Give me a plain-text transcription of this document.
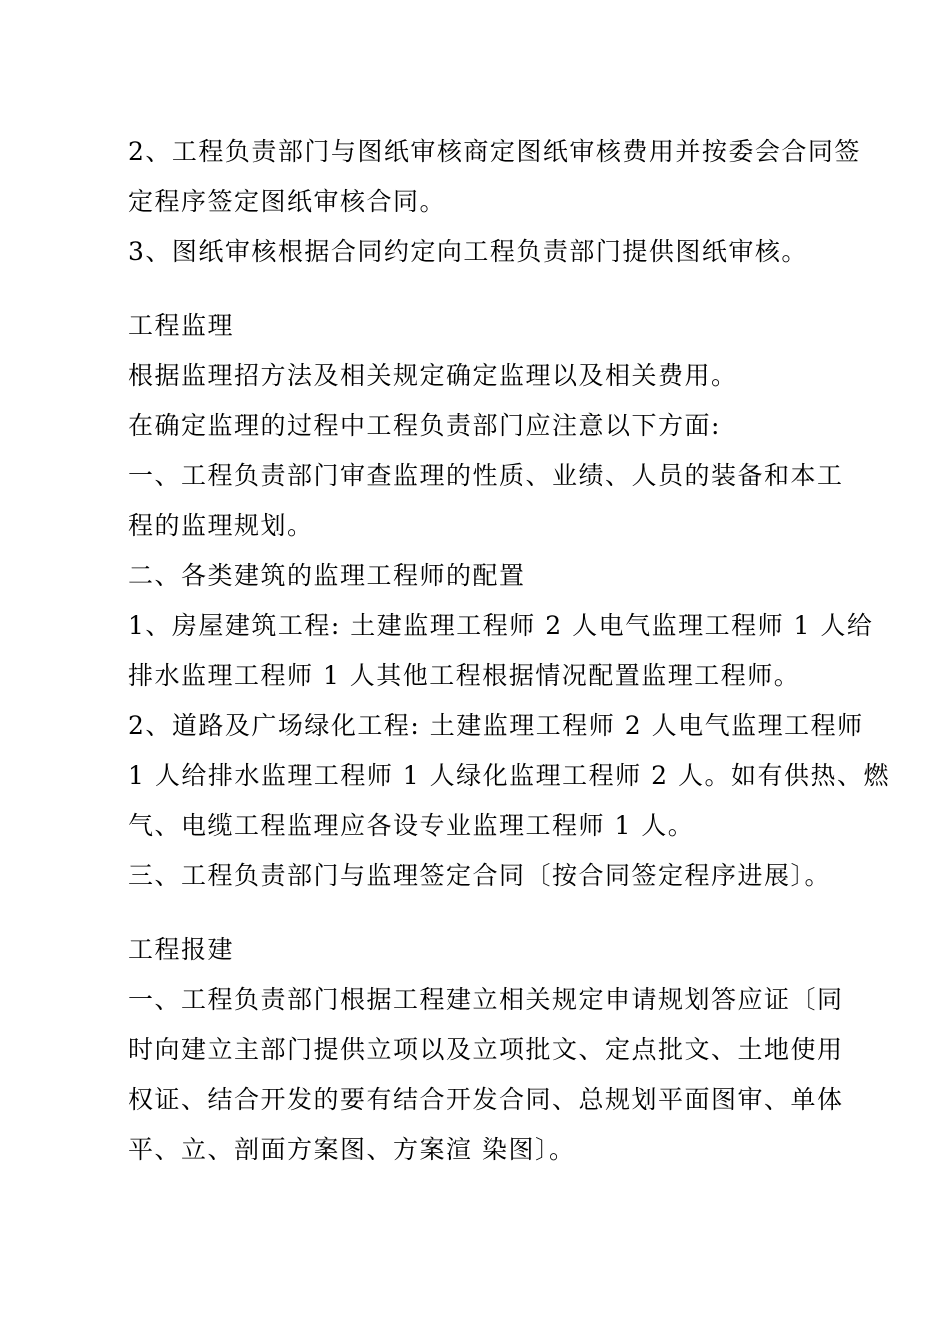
2、工程负责部门与图纸审核商定图纸审核费用并按委会合同签
定程序签定图纸审核合同。
3、图纸审核根据合同约定向工程负责部门提供图纸审核。
工程监理
根据监理招方法及相关规定确定监理以及相关费用。
在确定监理的过程中工程负责部门应注意以下方面:
一、工程负责部门审查监理的性质、业绩、人员的装备和本工
程的监理规划。
二、各类建筑的监理工程师的配置
1、房屋建筑工程: 土建监理工程师 2 人电气监理工程师 1 人给
排水监理工程师 1 人其他工程根据情况配置监理工程师。
2、道路及广场绿化工程: 土建监理工程师 2 人电气监理工程师
1 人给排水监理工程师 1 人绿化监理工程师 2 人。如有供热、燃
气、电缆工程监理应各设专业监理工程师 1 人。
三、工程负责部门与监理签定合同〔按合同签定程序进展〕。
工程报建
一、工程负责部门根据工程建立相关规定申请规划答应证〔同
时向建立主部门提供立项以及立项批文、定点批文、土地使用
权证、结合开发的要有结合开发合同、总规划平面图审、单体
平、立、剖面方案图、方案渲 染图〕。
